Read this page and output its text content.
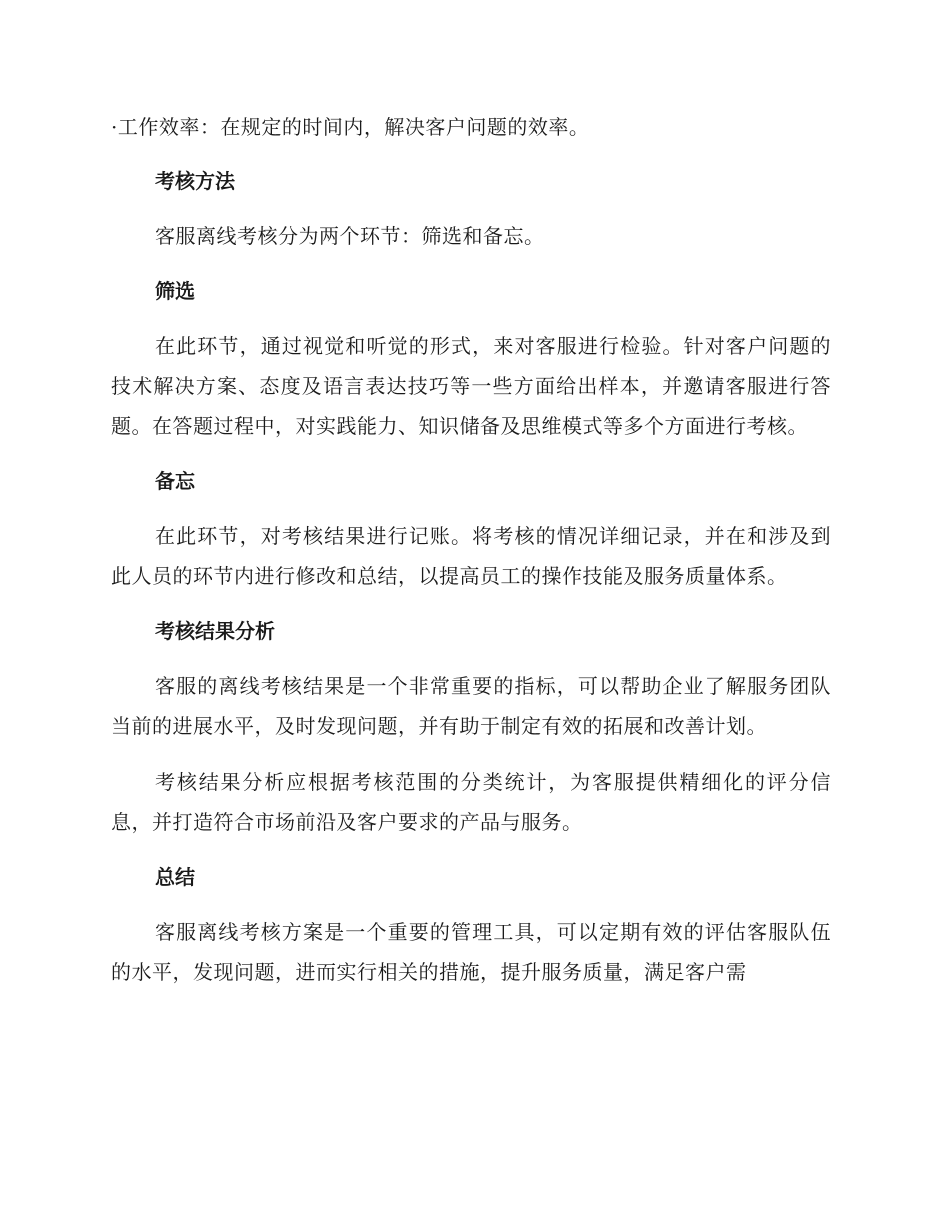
·工作效率：在规定的时间内，解决客户问题的效率。

考核方法

客服离线考核分为两个环节：筛选和备忘。

筛选

在此环节，通过视觉和听觉的形式，来对客服进行检验。针对客户问题的技术解决方案、态度及语言表达技巧等一些方面给出样本，并邀请客服进行答题。在答题过程中，对实践能力、知识储备及思维模式等多个方面进行考核。

备忘

在此环节，对考核结果进行记账。将考核的情况详细记录，并在和涉及到此人员的环节内进行修改和总结，以提高员工的操作技能及服务质量体系。

考核结果分析

客服的离线考核结果是一个非常重要的指标，可以帮助企业了解服务团队当前的进展水平，及时发现问题，并有助于制定有效的拓展和改善计划。

考核结果分析应根据考核范围的分类统计，为客服提供精细化的评分信息，并打造符合市场前沿及客户要求的产品与服务。

总结

客服离线考核方案是一个重要的管理工具，可以定期有效的评估客服队伍的水平，发现问题，进而实行相关的措施，提升服务质量，满足客户需
